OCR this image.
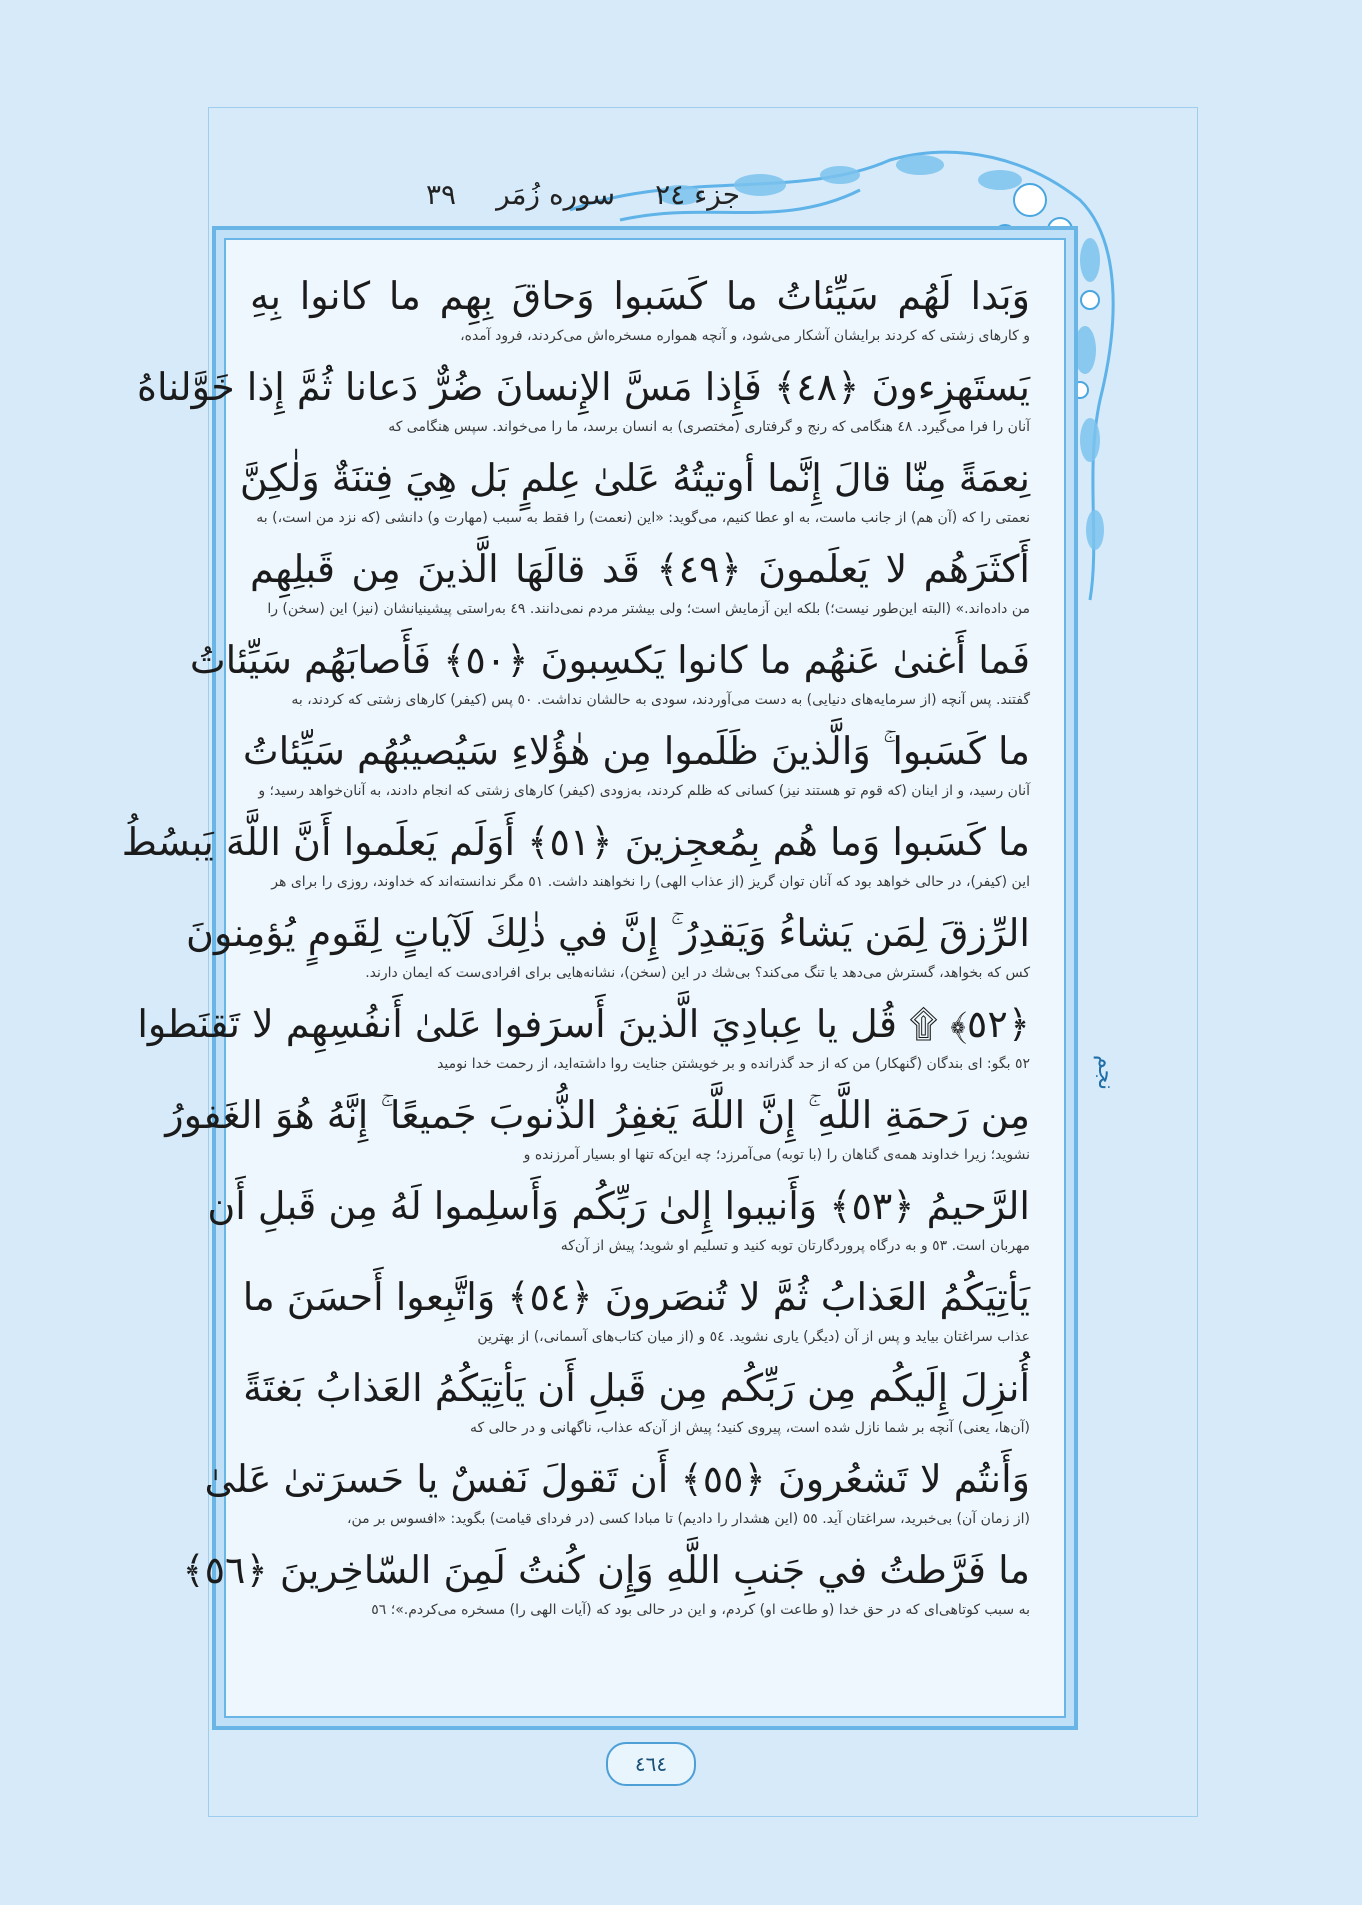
جزء ٢٤
سوره زُمَر
٣٩
وَبَدا لَهُم سَيِّئاتُ ما كَسَبوا وَحاقَ بِهِم ما كانوا بِهِ
و كارهای زشتی كه كردند برایشان آشكار می‌شود، و آنچه همواره مسخره‌اش می‌كردند، فرود آمده،
يَستَهزِءونَ ﴿٤٨﴾ فَإِذا مَسَّ الإِنسانَ ضُرٌّ دَعانا ثُمَّ إِذا خَوَّلناهُ
آنان را فرا می‌گیرد. ٤٨ هنگامی كه رنج و گرفتاری (مختصری) به انسان برسد، ما را می‌خواند. سپس هنگامی كه
نِعمَةً مِنّا قالَ إِنَّما أوتيتُهُ عَلىٰ عِلمٍ بَل هِيَ فِتنَةٌ وَلٰكِنَّ
نعمتی را كه (آن هم) از جانب ماست، به او عطا كنیم، می‌گوید: «این (نعمت) را فقط به سبب (مهارت و) دانشی (كه نزد من است،) به
أَكثَرَهُم لا يَعلَمونَ ﴿٤٩﴾ قَد قالَهَا الَّذينَ مِن قَبلِهِم
من داده‌اند.» (البته این‌طور نیست؛) بلكه این آزمایش است؛ ولی بیشتر مردم نمی‌دانند. ٤٩ به‌راستی پیشینیانشان (نیز) این (سخن) را
فَما أَغنىٰ عَنهُم ما كانوا يَكسِبونَ ﴿٥٠﴾ فَأَصابَهُم سَيِّئاتُ
گفتند. پس آنچه (از سرمایه‌های دنیایی) به دست می‌آوردند، سودی به حالشان نداشت. ٥٠ پس (كیفر) كارهای زشتی كه كردند، به
ما كَسَبوا ۚ وَالَّذينَ ظَلَموا مِن هٰؤُلاءِ سَيُصيبُهُم سَيِّئاتُ
آنان رسید، و از اینان (كه قوم تو هستند نیز) كسانی كه ظلم كردند، به‌زودی (كیفر) كارهای زشتی كه انجام دادند، به آنان‌خواهد رسید؛ و
ما كَسَبوا وَما هُم بِمُعجِزينَ ﴿٥١﴾ أَوَلَم يَعلَموا أَنَّ اللَّهَ يَبسُطُ
این (كیفر)، در حالی خواهد بود كه آنان توان گریز (از عذاب الهی) را نخواهند داشت. ٥١ مگر ندانسته‌اند كه خداوند، روزی را برای هر
الرِّزقَ لِمَن يَشاءُ وَيَقدِرُ ۚ إِنَّ في ذٰلِكَ لَآياتٍ لِقَومٍ يُؤمِنونَ
كس كه بخواهد، گسترش می‌دهد یا تنگ می‌كند؟ بی‌شك در این (سخن)، نشانه‌هایی برای افرادی‌ست كه ایمان دارند.
﴿٥٢﴾ ۩ قُل يا عِبادِيَ الَّذينَ أَسرَفوا عَلىٰ أَنفُسِهِم لا تَقنَطوا
٥٢ بگو: ای بندگان (گنهكار) من كه از حد گذرانده و بر خویشتن جنایت روا داشته‌اید، از رحمت خدا نومید
مِن رَحمَةِ اللَّهِ ۚ إِنَّ اللَّهَ يَغفِرُ الذُّنوبَ جَميعًا ۚ إِنَّهُ هُوَ الغَفورُ
نشوید؛ زیرا خداوند همه‌ی گناهان را (با توبه) می‌آمرزد؛ چه این‌كه تنها او بسیار آمرزنده و
الرَّحيمُ ﴿٥٣﴾ وَأَنيبوا إِلىٰ رَبِّكُم وَأَسلِموا لَهُ مِن قَبلِ أَن
مهربان است. ٥٣ و به درگاه پروردگارتان توبه كنید و تسلیم او شوید؛ پیش از آن‌كه
يَأتِيَكُمُ العَذابُ ثُمَّ لا تُنصَرونَ ﴿٥٤﴾ وَاتَّبِعوا أَحسَنَ ما
عذاب سراغتان بیاید و پس از آن (دیگر) یاری نشوید. ٥٤ و (از میان كتاب‌های آسمانی،) از بهترین
أُنزِلَ إِلَيكُم مِن رَبِّكُم مِن قَبلِ أَن يَأتِيَكُمُ العَذابُ بَغتَةً
(آن‌ها، یعنی) آنچه بر شما نازل شده است، پیروی كنید؛ پیش از آن‌كه عذاب، ناگهانی و در حالی كه
وَأَنتُم لا تَشعُرونَ ﴿٥٥﴾ أَن تَقولَ نَفسٌ يا حَسرَتىٰ عَلىٰ
(از زمان آن) بی‌خبرید، سراغتان آید. ٥٥ (این هشدار را دادیم) تا مبادا كسی (در فردای قیامت) بگوید: «افسوس بر من،
ما فَرَّطتُ في جَنبِ اللَّهِ وَإِن كُنتُ لَمِنَ السّاخِرينَ ﴿٥٦﴾
به سبب كوتاهی‌ای كه در حق خدا (و طاعت او) كردم، و این در حالی بود كه (آیات الهی را) مسخره می‌كردم.»؛ ٥٦
نجم
٤٦٤
